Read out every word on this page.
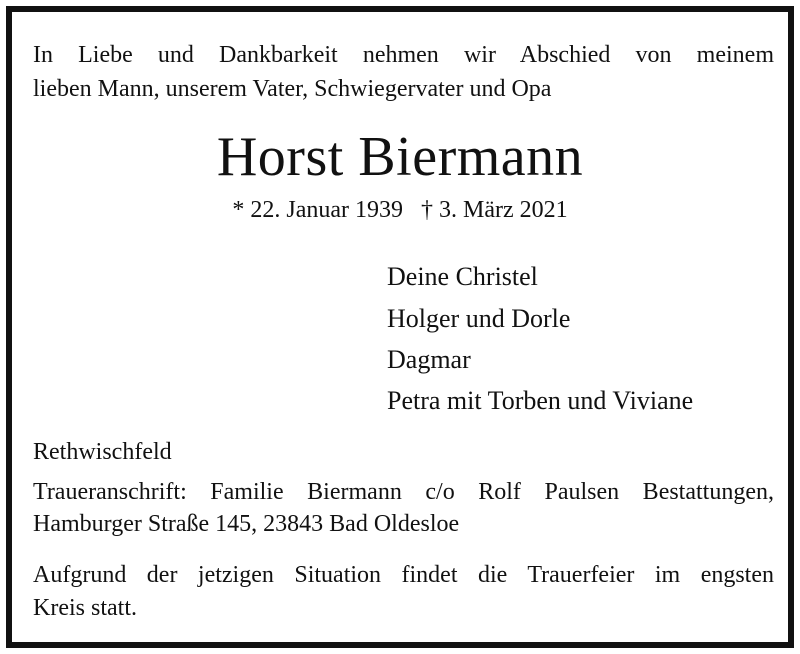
In Liebe und Dankbarkeit nehmen wir Abschied von meinem
lieben Mann, unserem Vater, Schwiegervater und Opa
Horst Biermann
* 22. Januar 1939   † 3. März 2021
Deine Christel
Holger und Dorle
Dagmar
Petra mit Torben und Viviane
Rethwischfeld
Traueranschrift: Familie Biermann c/o Rolf Paulsen Bestattungen,
Hamburger Straße 145, 23843 Bad Oldesloe
Aufgrund der jetzigen Situation findet die Trauerfeier im engsten
Kreis statt.
